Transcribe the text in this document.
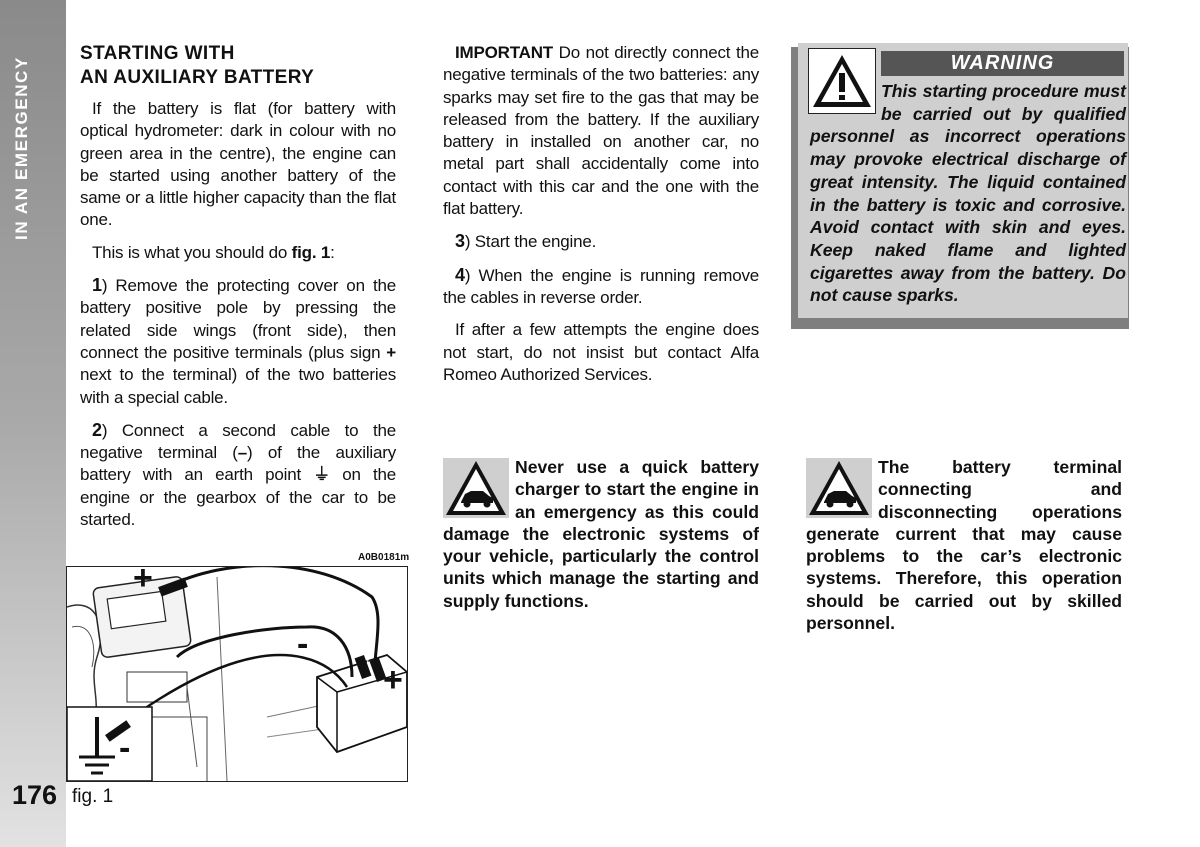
IN AN EMERGENCY
176
STARTING WITH
AN AUXILIARY BATTERY

If the battery is flat (for battery with optical hydrometer: dark in colour with no green area in the centre), the engine can be started using another battery of the same or a little higher capacity than the flat one.

This is what you should do fig. 1:

1) Remove the protecting cover on the battery positive pole by pressing the related side wings (front side), then connect the positive terminals (plus sign + next to the terminal) of the two batteries with a special cable.

2) Connect a second cable to the negative terminal (–) of the auxiliary battery with an earth point ⏚ on the engine or the gearbox of the car to be started.

IMPORTANT Do not directly connect the negative terminals of the two batteries: any sparks may set fire to the gas that may be released from the battery. If the auxiliary battery in installed on another car, no metal part shall accidentally come into contact with this car and the one with the flat battery.

3) Start the engine.

4) When the engine is running remove the cables in reverse order.

If after a few attempts the engine does not start, do not insist but contact Alfa Romeo Authorized Services.

WARNING
This starting procedure must be carried out by qualified personnel as incorrect operations may provoke electrical discharge of great intensity. The liquid contained in the battery is toxic and corrosive. Avoid contact with skin and eyes. Keep naked flame and lighted cigarettes away from the battery. Do not cause sparks.
Never use a quick battery charger to start the engine in an emergency as this could damage the electronic systems of your vehicle, particularly the control units which manage the starting and supply functions.
The battery terminal connecting and disconnecting operations generate current that may cause problems to the car’s electronic systems. Therefore, this operation should be carried out by skilled personnel.
A0B0181m
+
-
+
-
fig. 1
